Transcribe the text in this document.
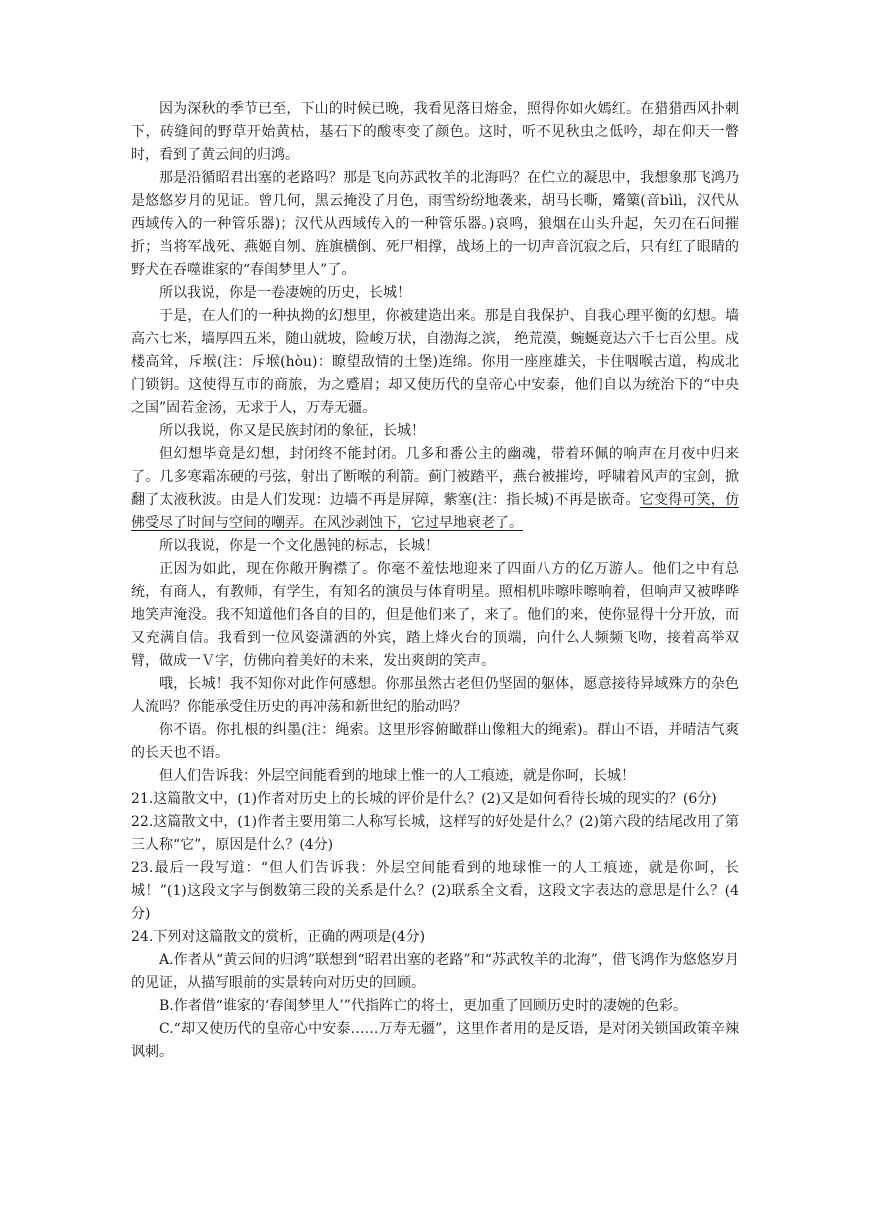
因为深秋的季节已至，下山的时候已晚，我看见落日熔金，照得你如火嫣红。在猎猎西风扑刺下，砖缝间的野草开始黄枯，基石下的酸枣变了颜色。这时，听不见秋虫之低吟，却在仰天一瞥时，看到了黄云间的归鸿。

那是沿循昭君出塞的老路吗？那是飞向苏武牧羊的北海吗？在伫立的凝思中，我想象那飞鸿乃是悠悠岁月的见证。曾几何，黑云掩没了月色，雨雪纷纷地袭来，胡马长嘶，觱篥(音bìlì，汉代从西域传入的一种管乐器)；汉代从西域传入的一种管乐器。)哀鸣，狼烟在山头升起，矢刃在石间摧折；当将军战死、燕姬自刎、旌旗横倒、死尸相撑，战场上的一切声音沉寂之后，只有红了眼睛的野犬在吞噬谁家的“春闺梦里人”了。

所以我说，你是一卷凄婉的历史，长城！

于是，在人们的一种执拗的幻想里，你被建造出来。那是自我保护、自我心理平衡的幻想。墙高六七米，墙厚四五米，随山就坡，险峻万状，自渤海之滨， 绝荒漠，蜿蜒竟达六千七百公里。戍楼高耸，斥堠(注：斥堠(hòu)：瞭望敌情的土堡)连绵。你用一座座雄关，卡住咽喉古道，构成北门锁钥。这使得互市的商旅，为之蹙眉；却又使历代的皇帝心中安泰，他们自以为统治下的“中央之国”固若金汤，无求于人，万寿无疆。

所以我说，你又是民族封闭的象征，长城！

但幻想毕竟是幻想，封闭终不能封闭。几多和番公主的幽魂，带着环佩的响声在月夜中归来了。几多寒霜冻硬的弓弦，射出了断喉的利箭。蓟门被踏平，燕台被摧垮，呼啸着风声的宝剑，掀翻了太液秋波。由是人们发现：边墙不再是屏障，紫塞(注：指长城)不再是嵌奇。它变得可笑，仿佛受尽了时间与空间的嘲弄。在风沙剥蚀下，它过早地衰老了。

所以我说，你是一个文化愚钝的标志，长城！

正因为如此，现在你敞开胸襟了。你毫不羞怯地迎来了四面八方的亿万游人。他们之中有总统，有商人，有教师，有学生，有知名的演员与体育明星。照相机咔嚓咔嚓响着，但响声又被哗哗地笑声淹没。我不知道他们各自的目的，但是他们来了，来了。他们的来，使你显得十分开放，而又充满自信。我看到一位风姿潇洒的外宾，踏上烽火台的顶端，向什么人频频飞吻，接着高举双臂，做成一Ｖ字，仿佛向着美好的未来，发出爽朗的笑声。

哦，长城！我不知你对此作何感想。你那虽然古老但仍坚固的躯体，愿意接待异域殊方的杂色人流吗？你能承受住历史的再冲荡和新世纪的胎动吗？

你不语。你扎根的纠墨(注：绳索。这里形容俯瞰群山像粗大的绳索)。群山不语，并晴洁气爽的长天也不语。

但人们告诉我：外层空间能看到的地球上惟一的人工痕迹，就是你呵，长城！

21.这篇散文中，(1)作者对历史上的长城的评价是什么？(2)又是如何看待长城的现实的？(6分)

22.这篇散文中，(1)作者主要用第二人称写长城，这样写的好处是什么？(2)第六段的结尾改用了第三人称“它”，原因是什么？(4分)

23.最后一段写道：“但人们告诉我：外层空间能看到的地球惟一的人工痕迹，就是你呵，长城！”(1)这段文字与倒数第三段的关系是什么？(2)联系全文看，这段文字表达的意思是什么？(4分)

24.下列对这篇散文的赏析，正确的两项是(4分)

A.作者从“黄云间的归鸿”联想到“昭君出塞的老路”和“苏武牧羊的北海”，借飞鸿作为悠悠岁月的见证，从描写眼前的实景转向对历史的回顾。

B.作者借“谁家的‘春闺梦里人’”代指阵亡的将士，更加重了回顾历史时的凄婉的色彩。

C.“却又使历代的皇帝心中安泰……万寿无疆”，这里作者用的是反语，是对闭关锁国政策辛辣讽刺。
